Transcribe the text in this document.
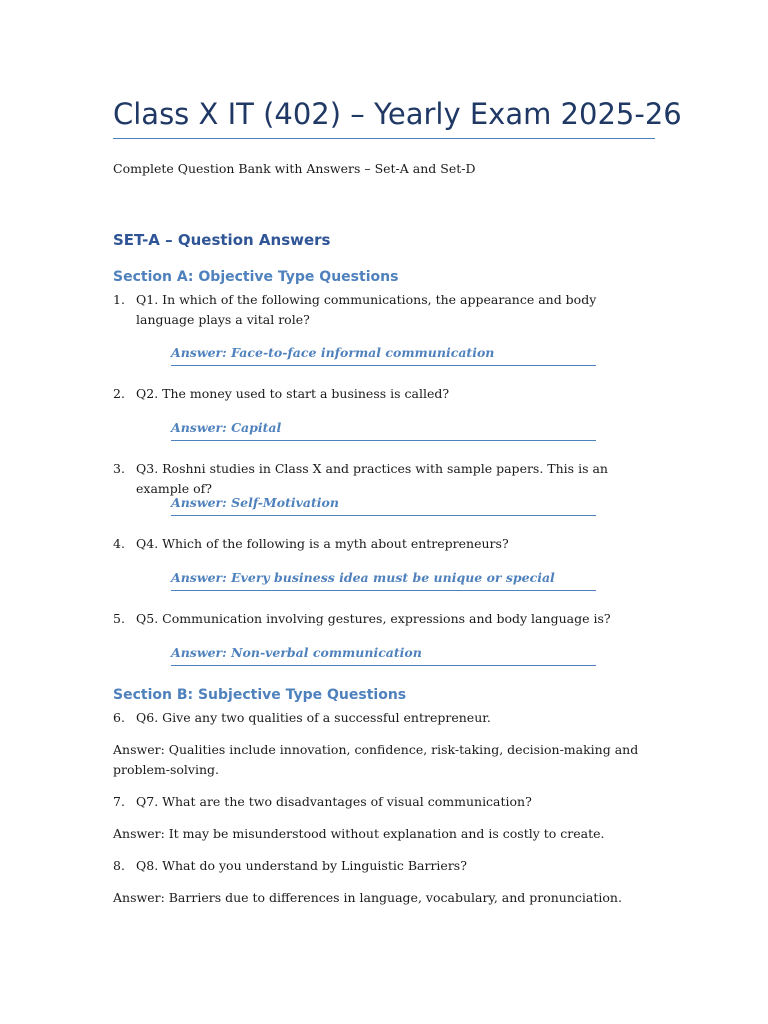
Class X IT (402) – Yearly Exam 2025-26
Complete Question Bank with Answers – Set-A and Set-D
SET-A – Question Answers
Section A: Objective Type Questions
1. Q1. In which of the following communications, the appearance and body language plays a vital role?
Answer: Face-to-face informal communication
2. Q2. The money used to start a business is called?
Answer: Capital
3. Q3. Roshni studies in Class X and practices with sample papers. This is an example of?
Answer: Self-Motivation
4. Q4. Which of the following is a myth about entrepreneurs?
Answer: Every business idea must be unique or special
5. Q5. Communication involving gestures, expressions and body language is?
Answer: Non-verbal communication
Section B: Subjective Type Questions
6. Q6. Give any two qualities of a successful entrepreneur.
Answer: Qualities include innovation, confidence, risk-taking, decision-making and problem-solving.
7. Q7. What are the two disadvantages of visual communication?
Answer: It may be misunderstood without explanation and is costly to create.
8. Q8. What do you understand by Linguistic Barriers?
Answer: Barriers due to differences in language, vocabulary, and pronunciation.
